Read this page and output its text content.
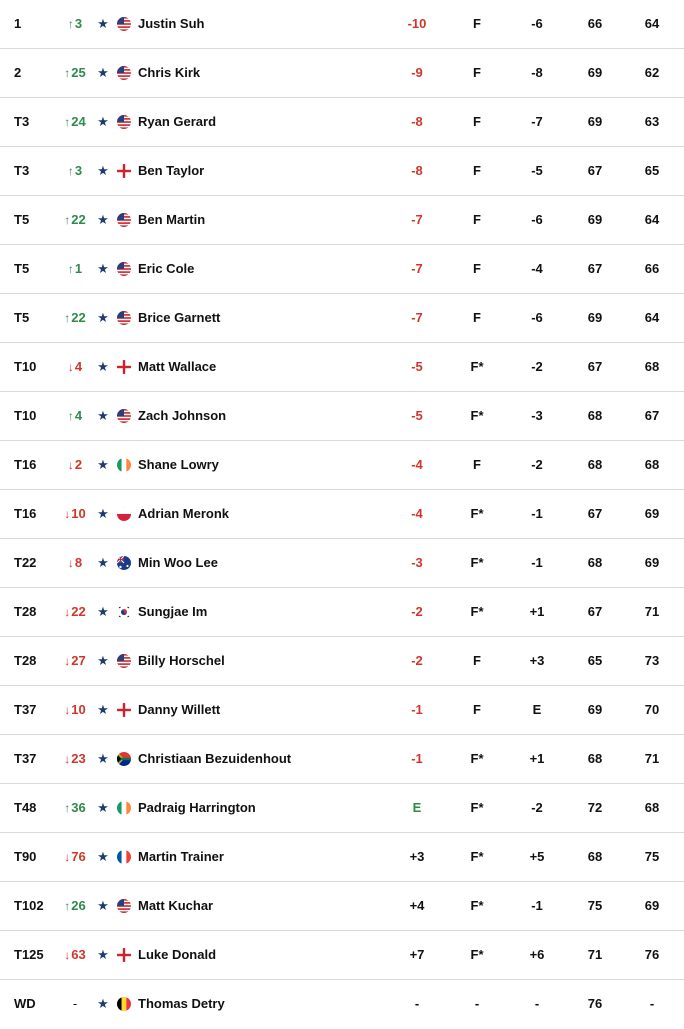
1	↑3	★ Justin Suh	-10	F	-6	66	64
2	↑25 ★ Chris Kirk	-9	F	-8	69	62
T3	↑24 ★ Ryan Gerard	-8	F	-7	69	63
T3	↑3	★ Ben Taylor	-8	F	-5	67	65
T5	↑22 ★ Ben Martin	-7	F	-6	69	64
T5	↑1	★ Eric Cole	-7	F	-4	67	66
T5	↑22 ★ Brice Garnett	-7	F	-6	69	64
T10	↓4	★ Matt Wallace	-5	F*	-2	67	68
T10	↑4	★ Zach Johnson	-5	F*	-3	68	67
T16	↓2	★ Shane Lowry	-4	F	-2	68	68
T16	↓10 ★ Adrian Meronk	-4	F*	-1	67	69
T22	↓8	★ Min Woo Lee	-3	F*	-1	68	69
T28	↓22 ★ Sungjae Im	-2	F*	+1	67	71
T28	↓27 ★ Billy Horschel	-2	F	+3	65	73
T37	↓10 ★ Danny Willett	-1	F	E	69	70
T37	↓23 ★ Christiaan Bezuidenhout	-1	F*	+1	68	71
T48	↑36 ★ Padraig Harrington	E	F*	-2	72	68
T90	↓76 ★ Martin Trainer	+3	F*	+5	68	75
T102	↑26 ★ Matt Kuchar	+4	F*	-1	75	69
T125	↓63 ★ Luke Donald	+7	F*	+6	71	76
WD	-	★ Thomas Detry	-	-	-	76	-
